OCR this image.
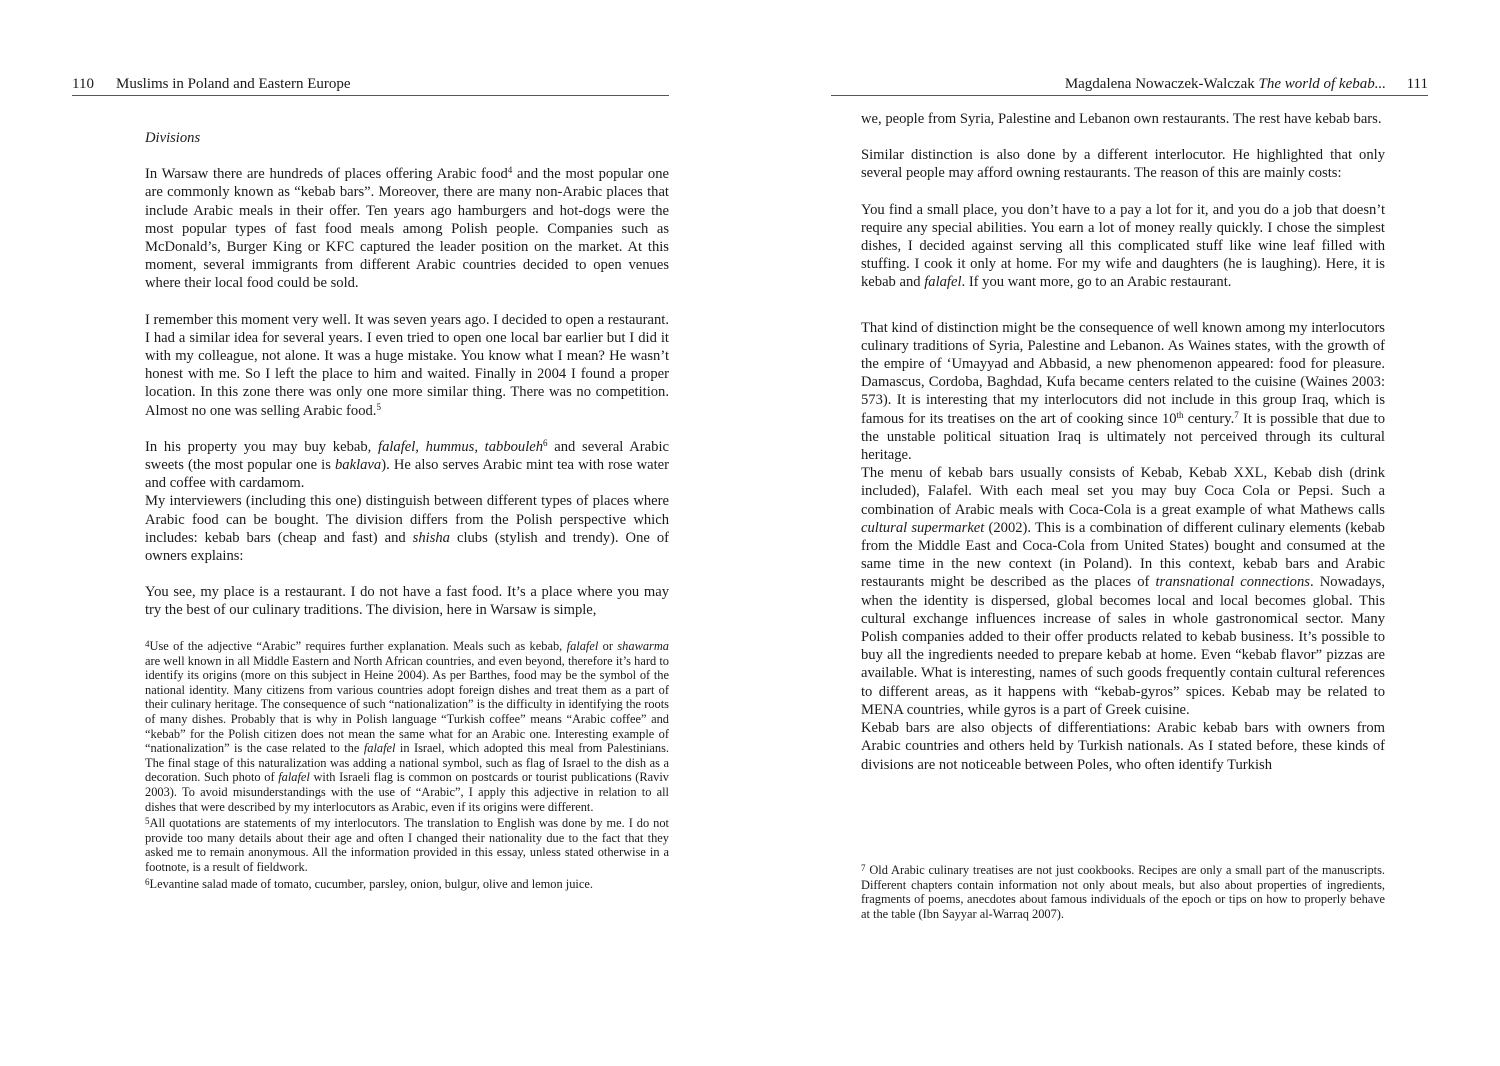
110 Muslims in Poland and Eastern Europe
Divisions

In Warsaw there are hundreds of places offering Arabic food$^4$ and the most popular one are commonly known as “kebab bars”. Moreover, there are many non-Arabic places that include Arabic meals in their offer. Ten years ago hamburgers and hot-dogs were the most popular types of fast food meals among Polish people. Companies such as McDonald’s, Burger King or KFC captured the leader position on the market. At this moment, several immigrants from different Arabic countries decided to open venues where their local food could be sold.

I remember this moment very well. It was seven years ago. I decided to open a restaurant. I had a similar idea for several years. I even tried to open one local bar earlier but I did it with my colleague, not alone. It was a huge mistake. You know what I mean? He wasn’t honest with me. So I left the place to him and waited. Finally in 2004 I found a proper location. In this zone there was only one more similar thing. There was no competition. Almost no one was selling Arabic food.$^5$

In his property you may buy kebab, falafel, hummus, tabbouleh$^6$ and several Arabic sweets (the most popular one is baklava). He also serves Arabic mint tea with rose water and coffee with cardamom.

My interviewers (including this one) distinguish between different types of places where Arabic food can be bought. The division differs from the Polish perspective which includes: kebab bars (cheap and fast) and shisha clubs (stylish and trendy). One of owners explains:

You see, my place is a restaurant. I do not have a fast food. It’s a place where you may try the best of our culinary traditions. The division, here in Warsaw is simple,

$^4$Use of the adjective “Arabic” requires further explanation. Meals such as kebab, falafel or shawarma are well known in all Middle Eastern and North African countries, and even beyond, therefore it’s hard to identify its origins (more on this subject in Heine 2004). As per Barthes, food may be the symbol of the national identity. Many citizens from various countries adopt foreign dishes and treat them as a part of their culinary heritage. The consequence of such “nationalization” is the difficulty in identifying the roots of many dishes. Probably that is why in Polish language “Turkish coffee” means “Arabic coffee” and “kebab” for the Polish citizen does not mean the same what for an Arabic one. Interesting example of “nationalization” is the case related to the falafel in Israel, which adopted this meal from Palestinians. The final stage of this naturalization was adding a national symbol, such as flag of Israel to the dish as a decoration. Such photo of falafel with Israeli flag is common on postcards or tourist publications (Raviv 2003). To avoid misunderstandings with the use of “Arabic”, I apply this adjective in relation to all dishes that were described by my interlocutors as Arabic, even if its origins were different.

$^5$All quotations are statements of my interlocutors. The translation to English was done by me. I do not provide too many details about their age and often I changed their nationality due to the fact that they asked me to remain anonymous. All the information provided in this essay, unless stated otherwise in a footnote, is a result of fieldwork.

$^6$Levantine salad made of tomato, cucumber, parsley, onion, bulgur, olive and lemon juice.

Magdalena Nowaczek-Walczak The world of kebab... 111

we, people from Syria, Palestine and Lebanon own restaurants. The rest have kebab bars.

Similar distinction is also done by a different interlocutor. He highlighted that only several people may afford owning restaurants. The reason of this are mainly costs:

You find a small place, you don’t have to a pay a lot for it, and you do a job that doesn’t require any special abilities. You earn a lot of money really quickly. I chose the simplest dishes, I decided against serving all this complicated stuff like wine leaf filled with stuffing. I cook it only at home. For my wife and daughters (he is laughing). Here, it is kebab and falafel. If you want more, go to an Arabic restaurant.

That kind of distinction might be the consequence of well known among my interlocutors culinary traditions of Syria, Palestine and Lebanon. As Waines states, with the growth of the empire of ‘Umayyad and Abbasid, a new phenomenon appeared: food for pleasure. Damascus, Cordoba, Baghdad, Kufa became centers related to the cuisine (Waines 2003: 573). It is interesting that my interlocutors did not include in this group Iraq, which is famous for its treatises on the art of cooking since 10th century.$^7$ It is possible that due to the unstable political situation Iraq is ultimately not perceived through its cultural heritage.

The menu of kebab bars usually consists of Kebab, Kebab XXL, Kebab dish (drink included), Falafel. With each meal set you may buy Coca Cola or Pepsi. Such a combination of Arabic meals with Coca-Cola is a great example of what Mathews calls cultural supermarket (2002). This is a combination of different culinary elements (kebab from the Middle East and Coca-Cola from United States) bought and consumed at the same time in the new context (in Poland). In this context, kebab bars and Arabic restaurants might be described as the places of transnational connections. Nowadays, when the identity is dispersed, global becomes local and local becomes global. This cultural exchange influences increase of sales in whole gastronomical sector. Many Polish companies added to their offer products related to kebab business. It’s possible to buy all the ingredients needed to prepare kebab at home. Even “kebab flavor” pizzas are available. What is interesting, names of such goods frequently contain cultural references to different areas, as it happens with “kebab-gyros” spices. Kebab may be related to MENA countries, while gyros is a part of Greek cuisine.

Kebab bars are also objects of differentiations: Arabic kebab bars with owners from Arabic countries and others held by Turkish nationals. As I stated before, these kinds of divisions are not noticeable between Poles, who often identify Turkish

$^7$ Old Arabic culinary treatises are not just cookbooks. Recipes are only a small part of the manuscripts. Different chapters contain information not only about meals, but also about properties of ingredients, fragments of poems, anecdotes about famous individuals of the epoch or tips on how to properly behave at the table (Ibn Sayyar al-Warraq 2007).
